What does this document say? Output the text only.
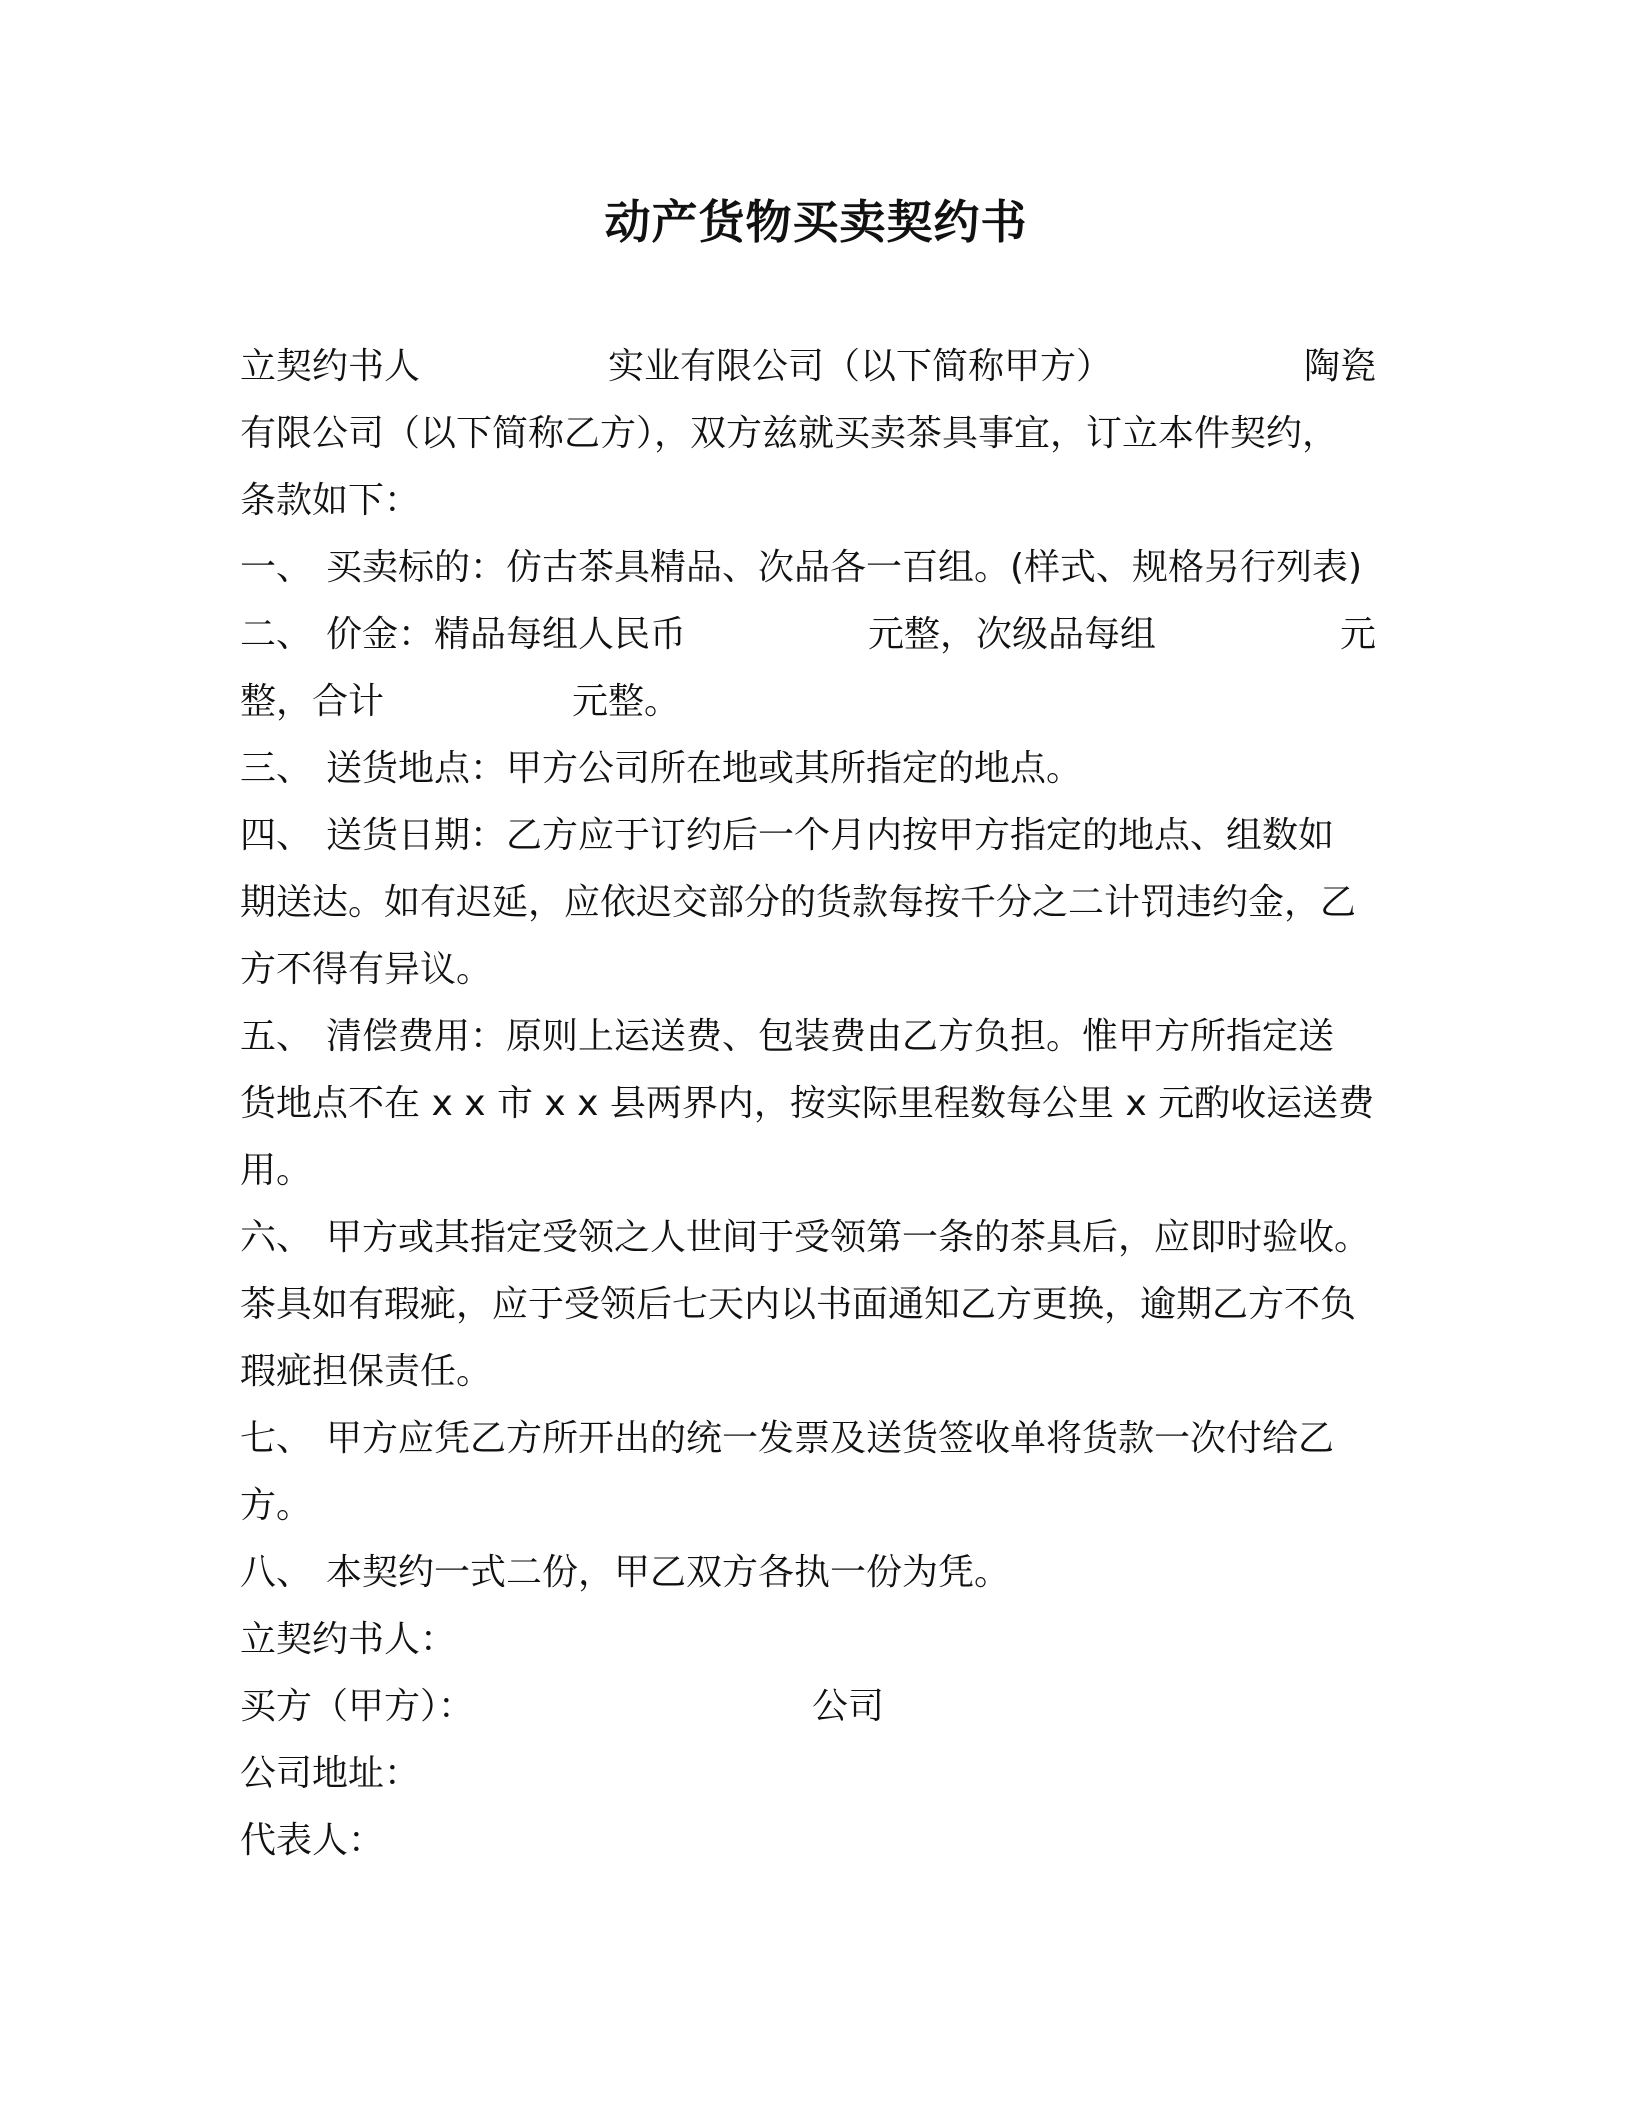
动产货物买卖契约书
立契约书人	实业有限公司（以下简称甲方）	陶瓷
有限公司（以下简称乙方），双方兹就买卖茶具事宜，订立本件契约，
条款如下：
一、 买卖标的：仿古茶具精品、次品各一百组。(样式、规格另行列表)
二、 价金：精品每组人民币	元整，次级品每组	元
整，合计	元整。
三、 送货地点：甲方公司所在地或其所指定的地点。
四、 送货日期：乙方应于订约后一个月内按甲方指定的地点、组数如
期送达。如有迟延，应依迟交部分的货款每按千分之二计罚违约金，乙
方不得有异议。
五、 清偿费用：原则上运送费、包装费由乙方负担。惟甲方所指定送
货地点不在 x x 市 x x 县两界内，按实际里程数每公里 x 元酌收运送费
用。
六、 甲方或其指定受领之人世间于受领第一条的茶具后，应即时验收。
茶具如有瑕疵，应于受领后七天内以书面通知乙方更换，逾期乙方不负
瑕疵担保责任。
七、 甲方应凭乙方所开出的统一发票及送货签收单将货款一次付给乙
方。
八、 本契约一式二份，甲乙双方各执一份为凭。
立契约书人：
买方（甲方）：	公司
公司地址：
代表人：
